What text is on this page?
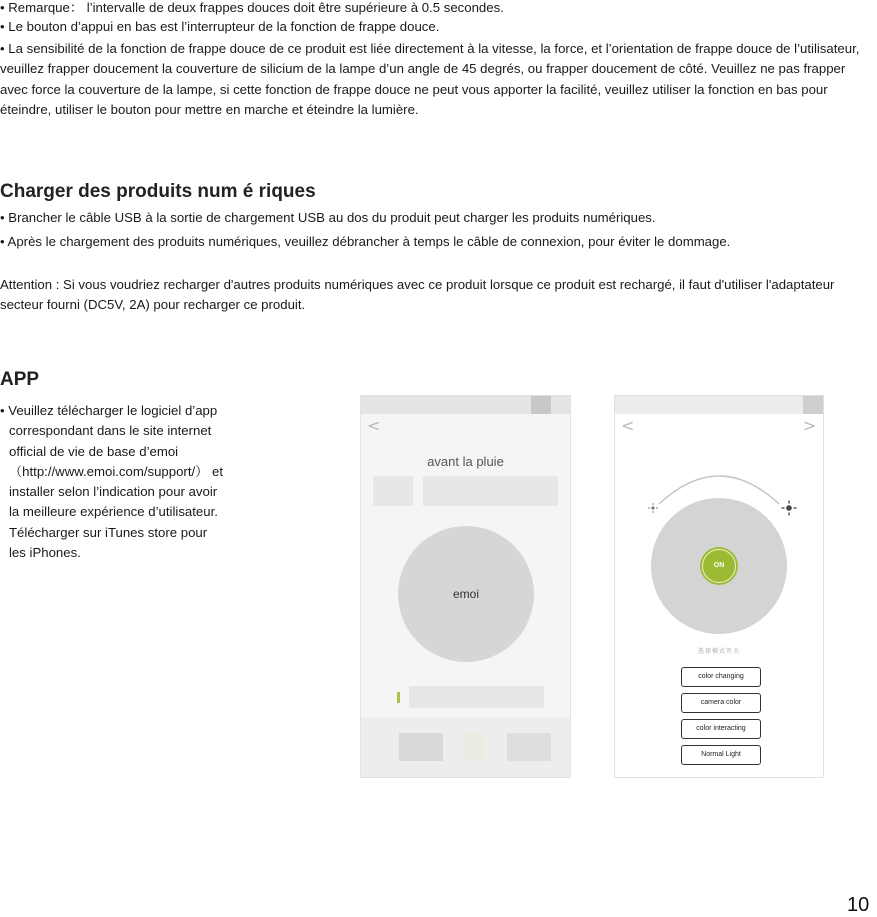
• Remarque： l’intervalle de deux frappes douces doit être supérieure à 0.5 secondes.

• Le bouton d’appui en bas est l’interrupteur de la fonction de frappe douce.

• La sensibilité de la fonction de frappe douce de ce produit est liée directement à la vitesse, la force, et l’orientation de frappe douce de l’utilisateur, veuillez frapper doucement la couverture de silicium de la lampe d’un angle de 45 degrés, ou frapper doucement de côté. Veuillez ne pas frapper avec force la couverture de la lampe, si cette fonction de frappe douce ne peut vous apporter la facilité, veuillez utiliser la fonction en bas pour éteindre, utiliser le bouton pour mettre en marche et éteindre la lumière.

Charger des produits num é riques

• Brancher le câble USB à la sortie de chargement USB au dos du produit peut charger les produits numériques.

• Après le chargement des produits numériques, veuillez débrancher à temps le câble de connexion, pour éviter le dommage.

Attention : Si vous voudriez recharger d'autres produits numériques avec ce produit lorsque ce produit est rechargé, il faut d'utiliser l'adaptateur secteur fourni (DC5V, 2A) pour recharger ce produit.

APP

• Veuillez télécharger le logiciel d’app

correspondant dans le site internet

official de vie de base d’emoi

（http://www.emoi.com/support/） et

installer selon l’indication pour avoir

la meilleure expérience d’utilisateur.

Télécharger sur iTunes store pour

les iPhones.

<
avant la pluie
emoi
<	>
ON
选择模式开关
color changing
camera color
color interacting
Normal Light
10
